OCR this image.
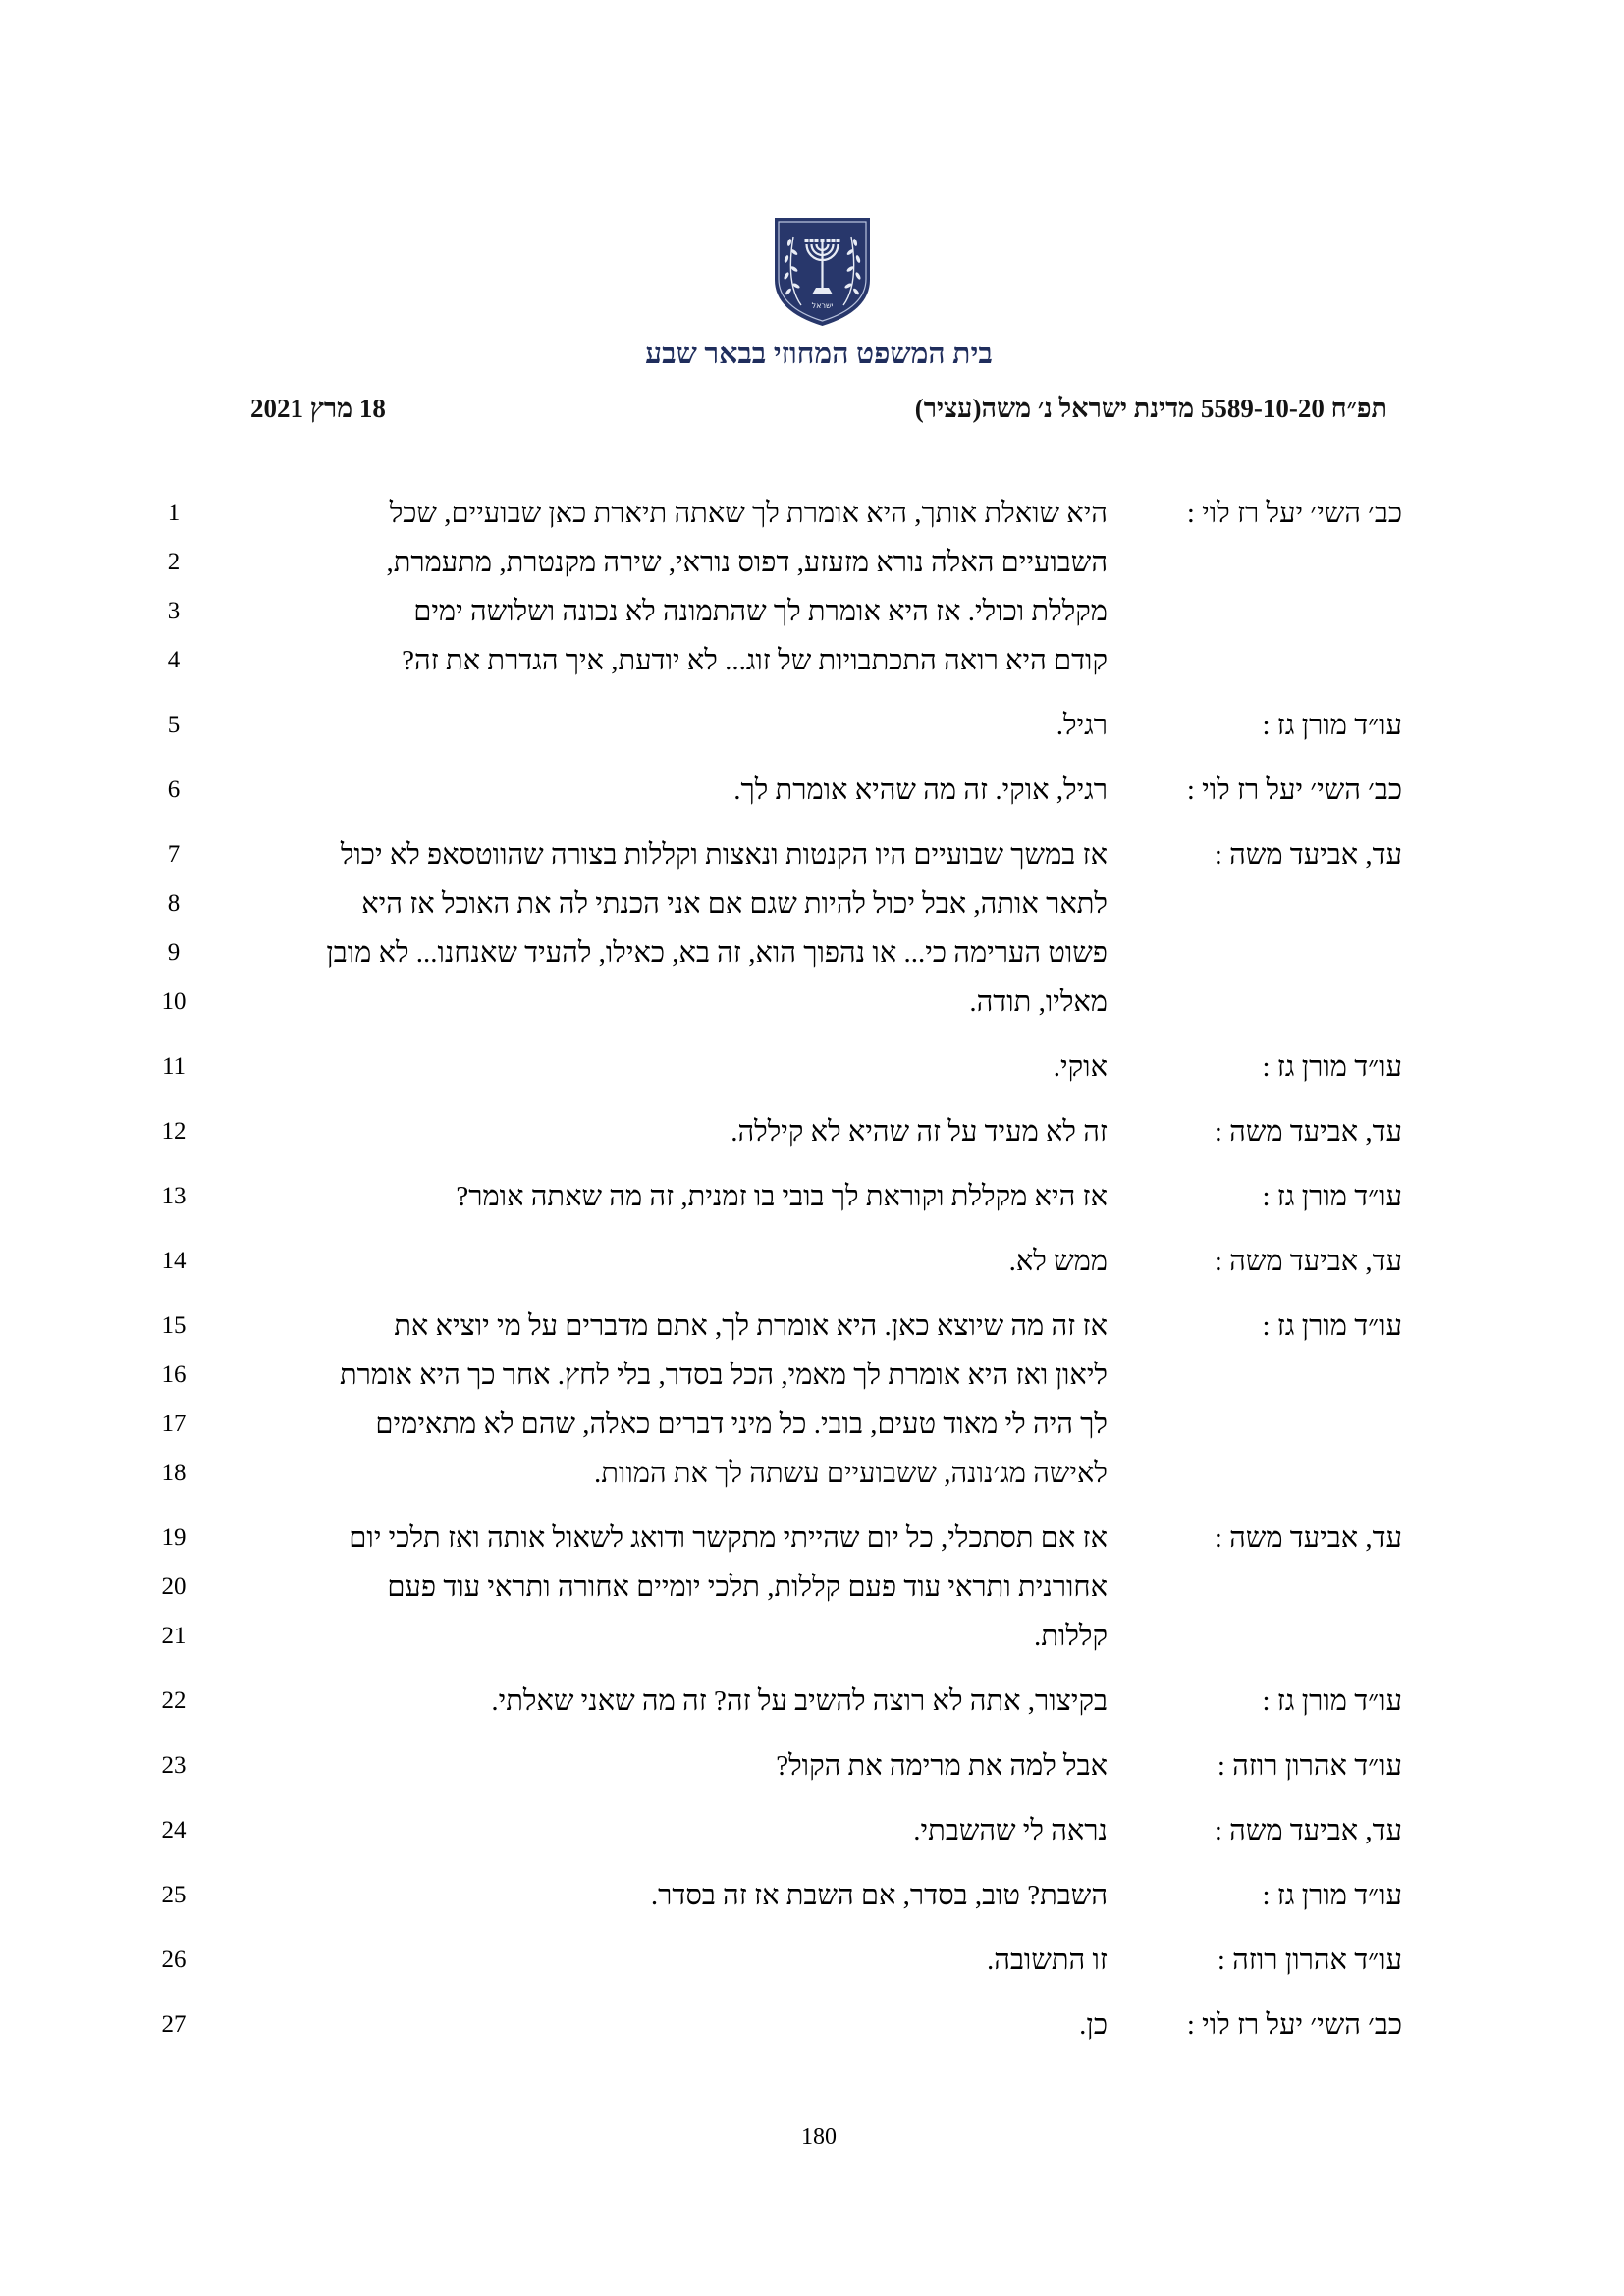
ישראל
בית המשפט המחוזי בבאר שבע
תפ״ח 5589-10-20 מדינת ישראל נ׳ משה(עציר)
18 מרץ 2021
כב׳ השי׳ יעל רז לוי :
1	היא שואלת אותך, היא אומרת לך שאתה תיארת כאן שבועיים, שכל
2	השבועיים האלה נורא מזעזע, דפוס נוראי, שירה מקנטרת, מתעמרת,
3	מקללת וכולי. אז היא אומרת לך שהתמונה לא נכונה ושלושה ימים
4	קודם היא רואה התכתבויות של זוג... לא יודעת, איך הגדרת את זה?
עו״ד מורן גז :
5	רגיל.
כב׳ השי׳ יעל רז לוי :
6	רגיל, אוקי. זה מה שהיא אומרת לך.
עד, אביעד משה :
7	אז במשך שבועיים היו הקנטות ונאצות וקללות בצורה שהווטסאפ לא יכול
8	לתאר אותה, אבל יכול להיות שגם אם אני הכנתי לה את האוכל אז היא
9	פשוט הערימה כי... או נהפוך הוא, זה בא, כאילו, להעיד שאנחנו... לא מובן
10	מאליו, תודה.
עו״ד מורן גז :
11	אוקי.
עד, אביעד משה :
12	זה לא מעיד על זה שהיא לא קיללה.
עו״ד מורן גז :
13	אז היא מקללת וקוראת לך בובי בו זמנית, זה מה שאתה אומר?
עד, אביעד משה :
14	ממש לא.
עו״ד מורן גז :
15	אז זה מה שיוצא כאן. היא אומרת לך, אתם מדברים על מי יוציא את
16	ליאון ואז היא אומרת לך מאמי, הכל בסדר, בלי לחץ. אחר כך היא אומרת
17	לך היה לי מאוד טעים, בובי. כל מיני דברים כאלה, שהם לא מתאימים
18	לאישה מג׳נונה, ששבועיים עשתה לך את המוות.
עד, אביעד משה :
19	אז אם תסתכלי, כל יום שהייתי מתקשר ודואג לשאול אותה ואז תלכי יום
20	אחורנית ותראי עוד פעם קללות, תלכי יומיים אחורה ותראי עוד פעם
21	קללות.
עו״ד מורן גז :
22	בקיצור, אתה לא רוצה להשיב על זה? זה מה שאני שאלתי.
עו״ד אהרון רוזה :
23	אבל למה את מרימה את הקול?
עד, אביעד משה :
24	נראה לי שהשבתי.
עו״ד מורן גז :
25	השבת? טוב, בסדר, אם השבת אז זה בסדר.
עו״ד אהרון רוזה :
26	זו התשובה.
כב׳ השי׳ יעל רז לוי :
27	כן.
180
